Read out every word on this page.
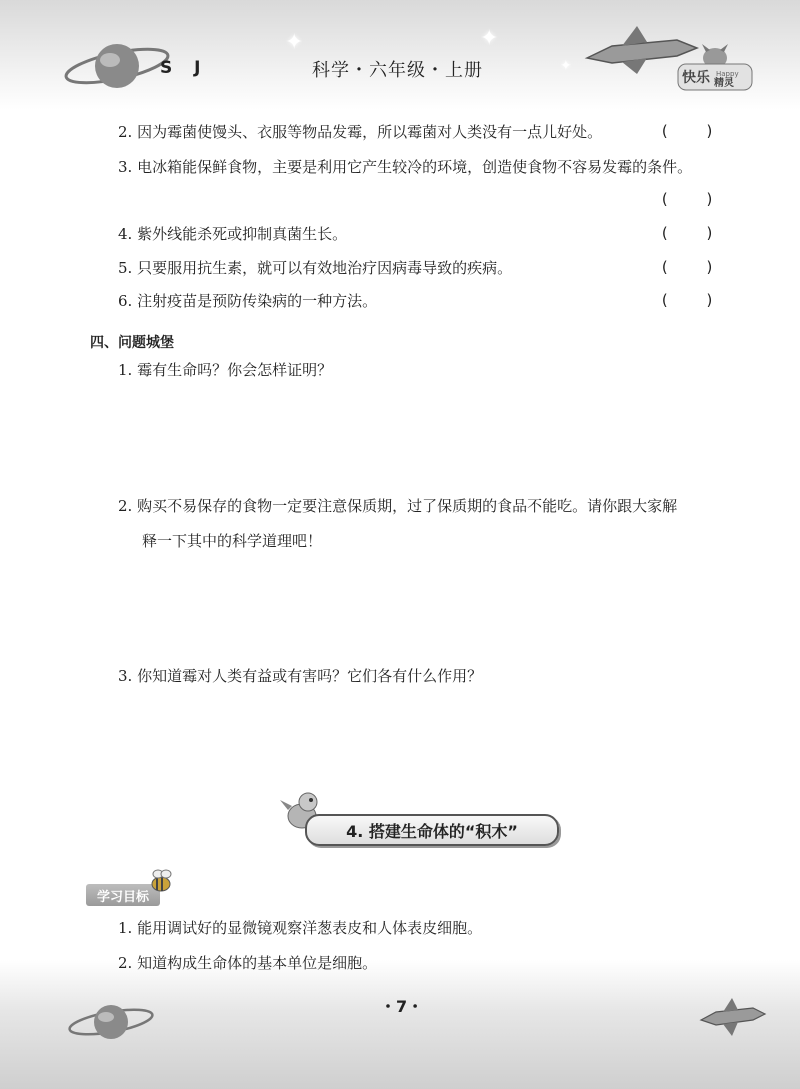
✦	✦
✦
快乐 Happy
精灵
S J	科学・六年级・上册
2. 因为霉菌使馒头、衣服等物品发霉，所以霉菌对人类没有一点儿好处。	(    )
3. 电冰箱能保鲜食物，主要是利用它产生较冷的环境，创造使食物不容易发霉的条件。
(    )
4. 紫外线能杀死或抑制真菌生长。	(    )
5. 只要服用抗生素，就可以有效地治疗因病毒导致的疾病。	(    )
6. 注射疫苗是预防传染病的一种方法。	(    )
四、问题城堡
1. 霉有生命吗？你会怎样证明？
2. 购买不易保存的食物一定要注意保质期，过了保质期的食品不能吃。请你跟大家解
释一下其中的科学道理吧！
3. 你知道霉对人类有益或有害吗？它们各有什么作用？
4. 搭建生命体的“积木”
学习目标
1. 能用调试好的显微镜观察洋葱表皮和人体表皮细胞。
2. 知道构成生命体的基本单位是细胞。
・7・
